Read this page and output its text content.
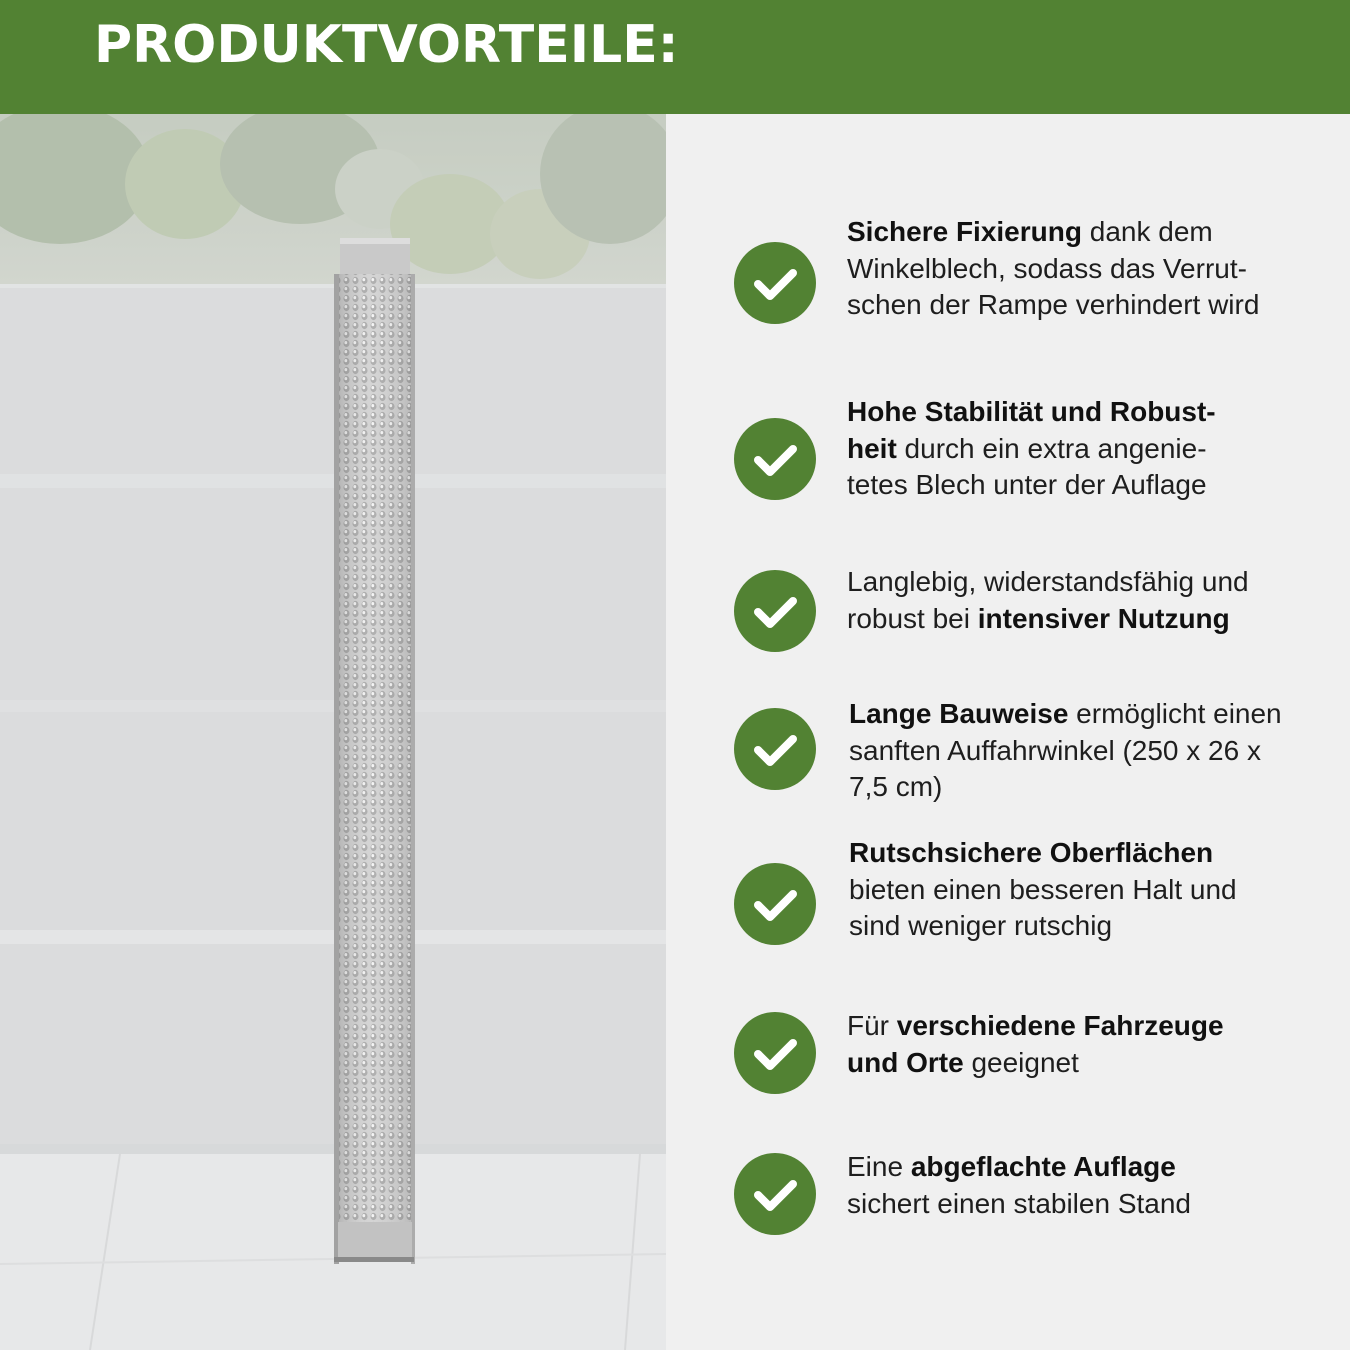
PRODUKTVORTEILE:
Sichere Fixierung dank dem
Winkelblech, sodass das Verrut-
schen der Rampe verhindert wird
Hohe Stabilität und Robust-
heit durch ein extra angenie-
tetes Blech unter der Auflage
Langlebig, widerstandsfähig und
robust bei intensiver Nutzung
Lange Bauweise ermöglicht einen
sanften Auffahrwinkel (250 x 26 x
7,5 cm)
Rutschsichere Oberflächen
bieten einen besseren Halt und
sind weniger rutschig
Für verschiedene Fahrzeuge
und Orte geeignet
Eine abgeflachte Auflage
sichert einen stabilen Stand
